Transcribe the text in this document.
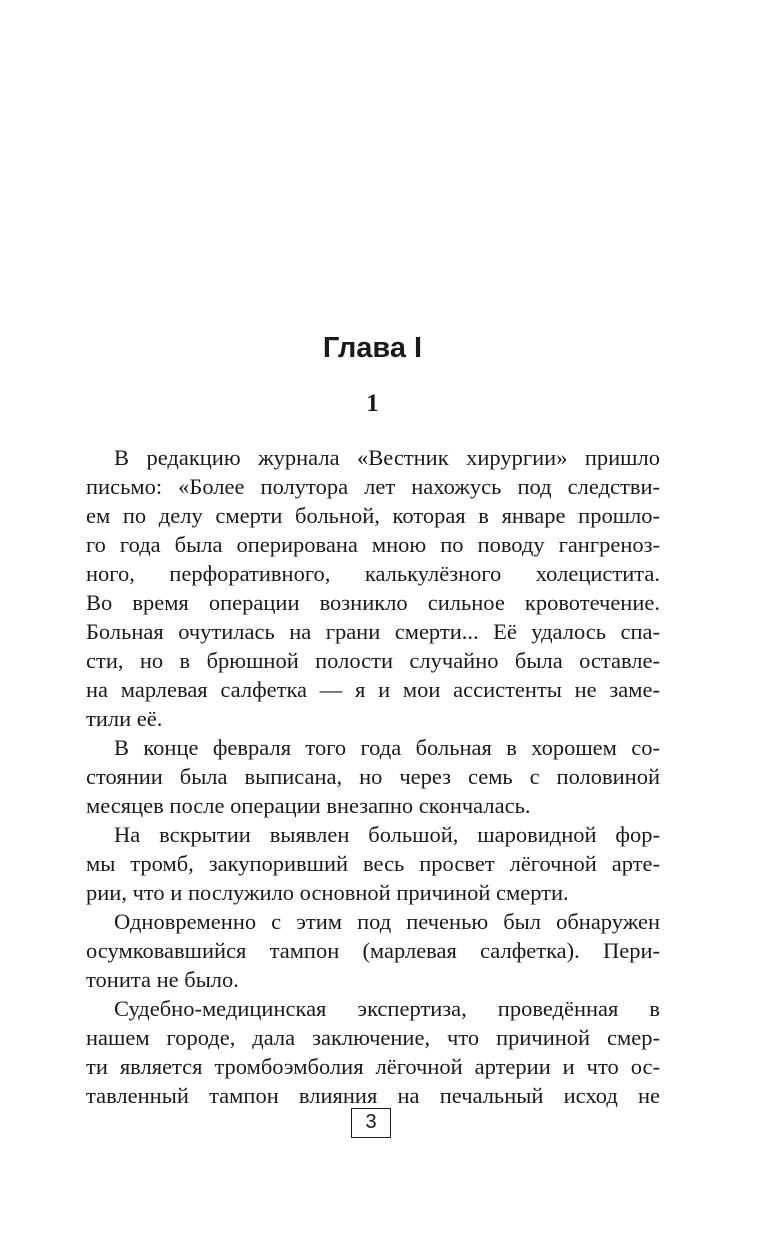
Глава I
1
В редакцию журнала «Вестник хирургии» пришло
письмо: «Более полутора лет нахожусь под следстви-
ем по делу смерти больной, которая в январе прошло-
го года была оперирована мною по поводу гангренoз-
ного, перфоративного, калькулёзного холецистита.
Во время операции возникло сильное кровотечение.
Больная очутилась на грани смерти... Её удалось спа-
сти, но в брюшной полости случайно была оставле-
на марлевая салфетка — я и мои ассистенты не заме-
тили её.
В конце февраля того года больная в хорошем со-
стоянии была выписана, но через семь с половиной
месяцев после операции внезапно скончалась.
На вскрытии выявлен большой, шаровидной фор-
мы тромб, закупоривший весь просвет лёгочной арте-
рии, что и послужило основной причиной смерти.
Одновременно с этим под печенью был обнаружен
осумковавшийся тампон (марлевая салфетка). Пери-
тонита не было.
Судебно-медицинская экспертиза, проведённая в
нашем городе, дала заключение, что причиной смер-
ти является тромбоэмболия лёгочной артерии и что ос-
тавленный тампон влияния на печальный исход не
3
